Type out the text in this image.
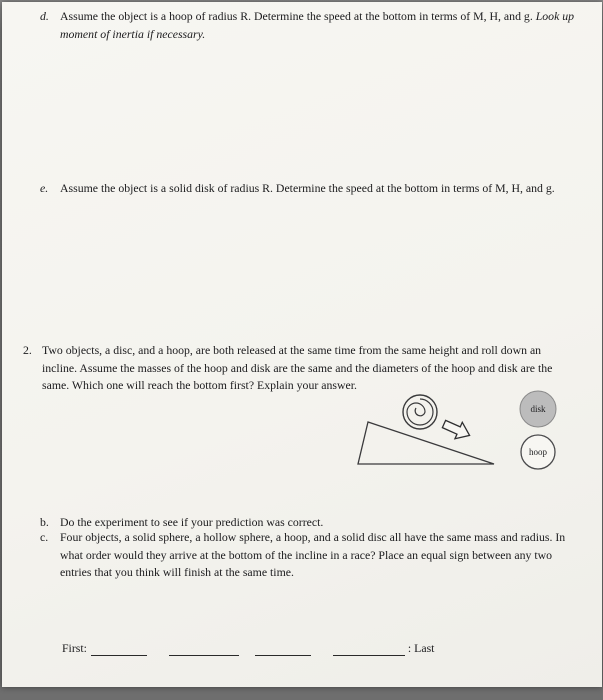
d. Assume the object is a hoop of radius R. Determine the speed at the bottom in terms of M, H, and g. Look up moment of inertia if necessary.
e.	Assume the object is a solid disk of radius R. Determine the speed at the bottom in terms of M, H, and g.
2. Two objects, a disc, and a hoop, are both released at the same time from the same height and roll down an incline. Assume the masses of the hoop and disk are the same and the diameters of the hoop and disk are the same. Which one will reach the bottom first? Explain your answer.
disk
hoop
b. Do the experiment to see if your prediction was correct.
c.	Four objects, a solid sphere, a hollow sphere, a hoop, and a solid disc all have the same mass and radius. In what order would they arrive at the bottom of the incline in a race? Place an equal sign between any two entries that you think will finish at the same time.
First:	: Last
